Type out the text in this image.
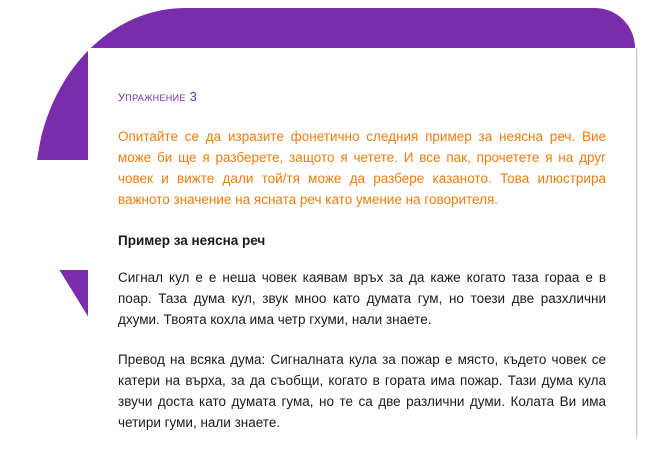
упражнение 3

Опитайте се да изразите фонетично следния пример за неясна реч. Вие може би ще я разберете, защото я четете. И все пак, прочетете я на друг човек и вижте дали той/тя може да разбере казаното. Това илюстрира важното значение на ясната реч като умение на говорителя.

Пример за неясна реч

Сигнал кул е е неша човек каявам връх за да каже когато таза гораа е в поар. Таза дума кул, звук мноо като думата гум, но тоези две разхлични дхуми. Твоята кохла има четр гхуми, нали знаете.

Превод на всяка дума: Сигналната кула за пожар е място, където човек се катери на върха, за да съобщи, когато в гората има пожар. Тази дума кула звучи доста като думата гума, но те са две различни думи. Колата Ви има четири гуми, нали знаете.
